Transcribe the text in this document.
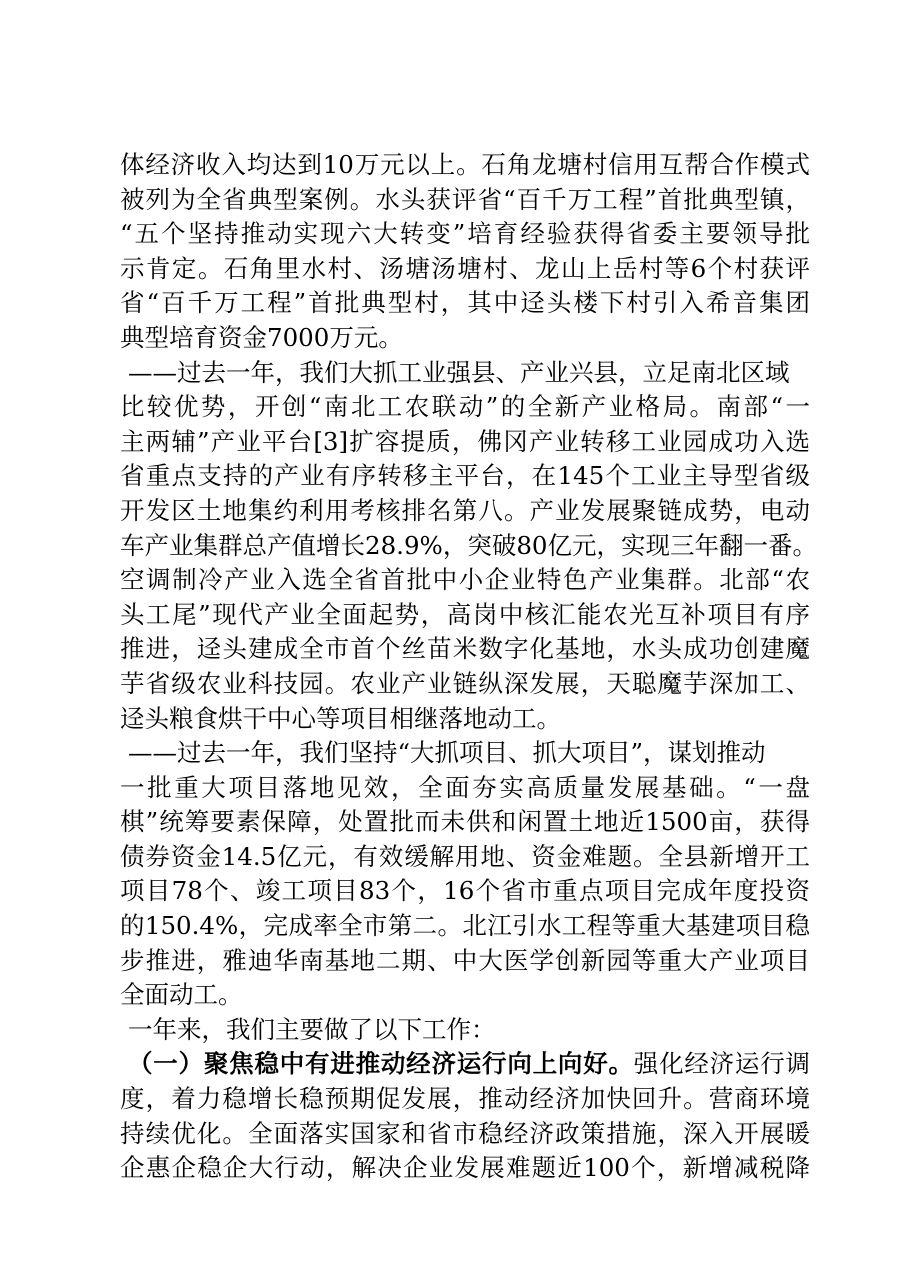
体经济收入均达到10万元以上。石角龙塘村信用互帮合作模式
被列为全省典型案例。水头获评省“百千万工程”首批典型镇，
“五个坚持推动实现六大转变”培育经验获得省委主要领导批
示肯定。石角里水村、汤塘汤塘村、龙山上岳村等6个村获评
省“百千万工程”首批典型村，其中迳头楼下村引入希音集团
典型培育资金7000万元。
——过去一年，我们大抓工业强县、产业兴县，立足南北区域
比较优势，开创“南北工农联动”的全新产业格局。南部“一
主两辅”产业平台[3]扩容提质，佛冈产业转移工业园成功入选
省重点支持的产业有序转移主平台，在145个工业主导型省级
开发区土地集约利用考核排名第八。产业发展聚链成势，电动
车产业集群总产值增长28.9%，突破80亿元，实现三年翻一番。
空调制冷产业入选全省首批中小企业特色产业集群。北部“农
头工尾”现代产业全面起势，高岗中核汇能农光互补项目有序
推进，迳头建成全市首个丝苗米数字化基地，水头成功创建魔
芋省级农业科技园。农业产业链纵深发展，天聪魔芋深加工、
迳头粮食烘干中心等项目相继落地动工。
——过去一年，我们坚持“大抓项目、抓大项目”，谋划推动
一批重大项目落地见效，全面夯实高质量发展基础。“一盘
棋”统筹要素保障，处置批而未供和闲置土地近1500亩，获得
债券资金14.5亿元，有效缓解用地、资金难题。全县新增开工
项目78个、竣工项目83个，16个省市重点项目完成年度投资
的150.4%，完成率全市第二。北江引水工程等重大基建项目稳
步推进，雅迪华南基地二期、中大医学创新园等重大产业项目
全面动工。
一年来，我们主要做了以下工作：
（一）聚焦稳中有进推动经济运行向上向好。强化经济运行调
度，着力稳增长稳预期促发展，推动经济加快回升。营商环境
持续优化。全面落实国家和省市稳经济政策措施，深入开展暖
企惠企稳企大行动，解决企业发展难题近100个，新增减税降
